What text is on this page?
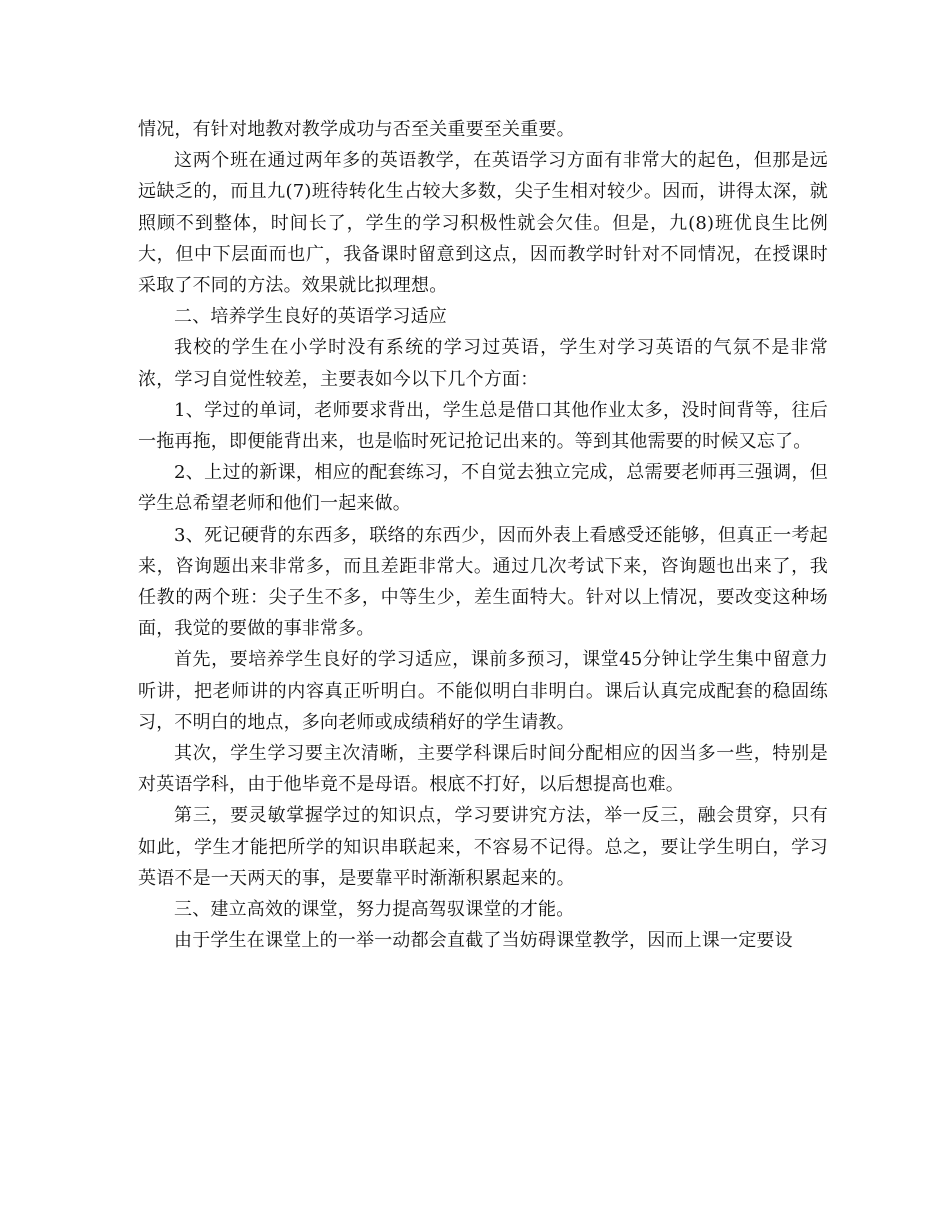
情况，有针对地教对教学成功与否至关重要至关重要。

这两个班在通过两年多的英语教学，在英语学习方面有非常大的起色，但那是远远缺乏的，而且九(7)班待转化生占较大多数，尖子生相对较少。因而，讲得太深，就照顾不到整体，时间长了，学生的学习积极性就会欠佳。但是，九(8)班优良生比例大，但中下层面而也广，我备课时留意到这点，因而教学时针对不同情况，在授课时采取了不同的方法。效果就比拟理想。

二、培养学生良好的英语学习适应

我校的学生在小学时没有系统的学习过英语，学生对学习英语的气氛不是非常浓，学习自觉性较差，主要表如今以下几个方面：

1、学过的单词，老师要求背出，学生总是借口其他作业太多，没时间背等，往后一拖再拖，即便能背出来，也是临时死记抢记出来的。等到其他需要的时候又忘了。

2、上过的新课，相应的配套练习，不自觉去独立完成，总需要老师再三强调，但学生总希望老师和他们一起来做。

3、死记硬背的东西多，联络的东西少，因而外表上看感受还能够，但真正一考起来，咨询题出来非常多，而且差距非常大。通过几次考试下来，咨询题也出来了，我任教的两个班：尖子生不多，中等生少，差生面特大。针对以上情况，要改变这种场面，我觉的要做的事非常多。

首先，要培养学生良好的学习适应，课前多预习，课堂45分钟让学生集中留意力听讲，把老师讲的内容真正听明白。不能似明白非明白。课后认真完成配套的稳固练习，不明白的地点，多向老师或成绩稍好的学生请教。

其次，学生学习要主次清晰，主要学科课后时间分配相应的因当多一些，特别是对英语学科，由于他毕竟不是母语。根底不打好，以后想提高也难。

第三，要灵敏掌握学过的知识点，学习要讲究方法，举一反三，融会贯穿，只有如此，学生才能把所学的知识串联起来，不容易不记得。总之，要让学生明白，学习英语不是一天两天的事，是要靠平时渐渐积累起来的。

三、建立高效的课堂，努力提高驾驭课堂的才能。

由于学生在课堂上的一举一动都会直截了当妨碍课堂教学，因而上课一定要设
